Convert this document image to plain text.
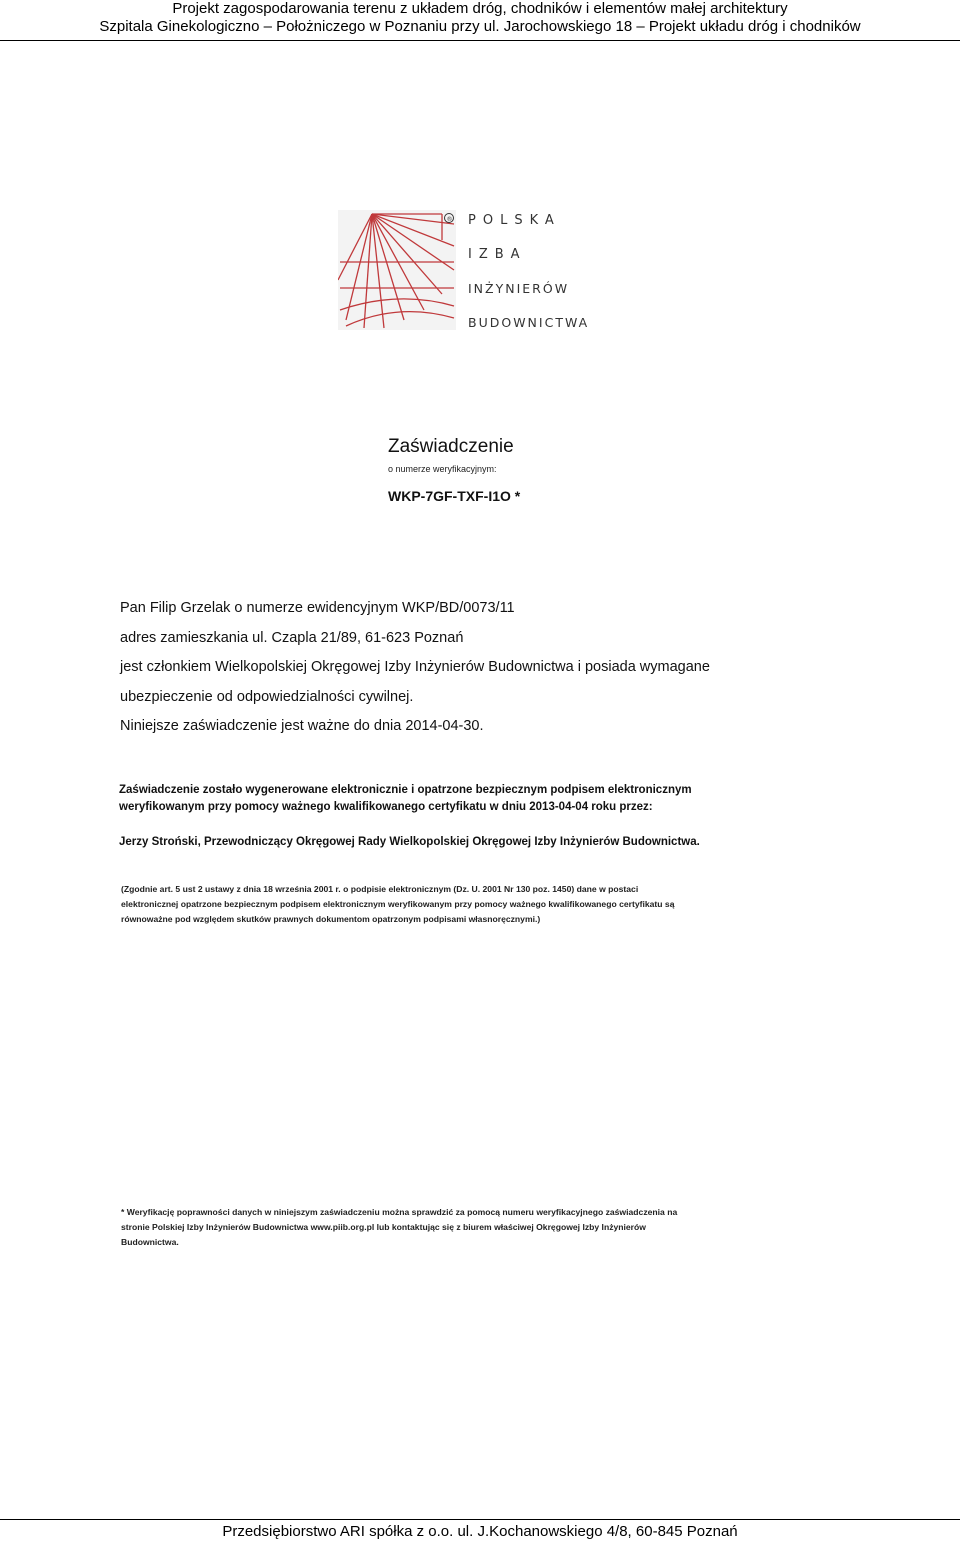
Projekt zagospodarowania terenu z układem dróg, chodników i elementów małej architektury
Szpitala Ginekologiczno – Położniczego w Poznaniu przy ul. Jarochowskiego 18 – Projekt układu dróg i chodników
® POLSKA
IZBA
INŻYNIERÓW
BUDOWNICTWA
Zaświadczenie
o numerze weryfikacyjnym:
WKP-7GF-TXF-I1O *
Pan Filip Grzelak o numerze ewidencyjnym WKP/BD/0073/11
adres zamieszkania ul. Czapla 21/89, 61-623 Poznań
jest członkiem Wielkopolskiej Okręgowej Izby Inżynierów Budownictwa i posiada wymagane
ubezpieczenie od odpowiedzialności cywilnej.
Niniejsze zaświadczenie jest ważne do dnia 2014-04-30.
Zaświadczenie zostało wygenerowane elektronicznie i opatrzone bezpiecznym podpisem elektronicznym
weryfikowanym przy pomocy ważnego kwalifikowanego certyfikatu w dniu 2013-04-04 roku przez:
Jerzy Stroński, Przewodniczący Okręgowej Rady Wielkopolskiej Okręgowej Izby Inżynierów Budownictwa.
(Zgodnie art. 5 ust 2 ustawy z dnia 18 września 2001 r. o podpisie elektronicznym (Dz. U. 2001 Nr 130 poz. 1450) dane w postaci
elektronicznej opatrzone bezpiecznym podpisem elektronicznym weryfikowanym przy pomocy ważnego kwalifikowanego certyfikatu są
równoważne pod względem skutków prawnych dokumentom opatrzonym podpisami własnoręcznymi.)
* Weryfikację poprawności danych w niniejszym zaświadczeniu można sprawdzić za pomocą numeru weryfikacyjnego zaświadczenia na
stronie Polskiej Izby Inżynierów Budownictwa www.piib.org.pl lub kontaktując się z biurem właściwej Okręgowej Izby Inżynierów
Budownictwa.
Przedsiębiorstwo ARI spółka z o.o. ul. J.Kochanowskiego 4/8, 60-845 Poznań
